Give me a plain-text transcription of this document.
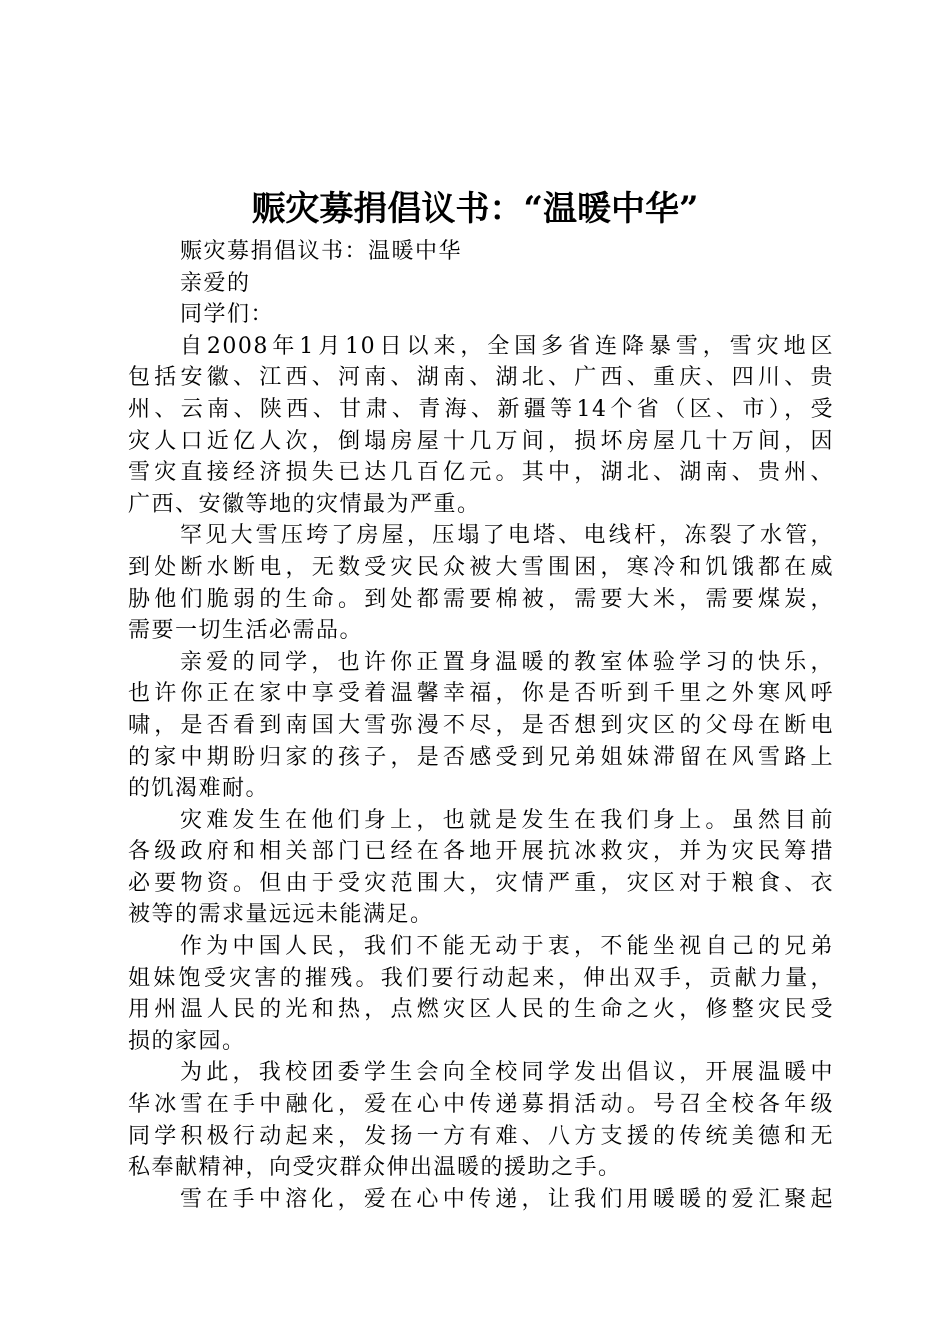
赈灾募捐倡议书：“温暖中华”
赈灾募捐倡议书：温暖中华
亲爱的
同学们：
自2008年1月10日以来，全国多省连降暴雪，雪灾地区
包括安徽、江西、河南、湖南、湖北、广西、重庆、四川、贵
州、云南、陕西、甘肃、青海、新疆等14个省（区、市），受
灾人口近亿人次，倒塌房屋十几万间，损坏房屋几十万间，因
雪灾直接经济损失已达几百亿元。其中，湖北、湖南、贵州、
广西、安徽等地的灾情最为严重。
罕见大雪压垮了房屋，压塌了电塔、电线杆，冻裂了水管，
到处断水断电，无数受灾民众被大雪围困，寒冷和饥饿都在威
胁他们脆弱的生命。到处都需要棉被，需要大米，需要煤炭，
需要一切生活必需品。
亲爱的同学，也许你正置身温暖的教室体验学习的快乐，
也许你正在家中享受着温馨幸福，你是否听到千里之外寒风呼
啸，是否看到南国大雪弥漫不尽，是否想到灾区的父母在断电
的家中期盼归家的孩子，是否感受到兄弟姐妹滞留在风雪路上
的饥渴难耐。
灾难发生在他们身上，也就是发生在我们身上。虽然目前
各级政府和相关部门已经在各地开展抗冰救灾，并为灾民筹措
必要物资。但由于受灾范围大，灾情严重，灾区对于粮食、衣
被等的需求量远远未能满足。
作为中国人民，我们不能无动于衷，不能坐视自己的兄弟
姐妹饱受灾害的摧残。我们要行动起来，伸出双手，贡献力量，
用州温人民的光和热，点燃灾区人民的生命之火，修整灾民受
损的家园。
为此，我校团委学生会向全校同学发出倡议，开展温暖中
华冰雪在手中融化，爱在心中传递募捐活动。号召全校各年级
同学积极行动起来，发扬一方有难、八方支援的传统美德和无
私奉献精神，向受灾群众伸出温暖的援助之手。
雪在手中溶化，爱在心中传递，让我们用暖暖的爱汇聚起
